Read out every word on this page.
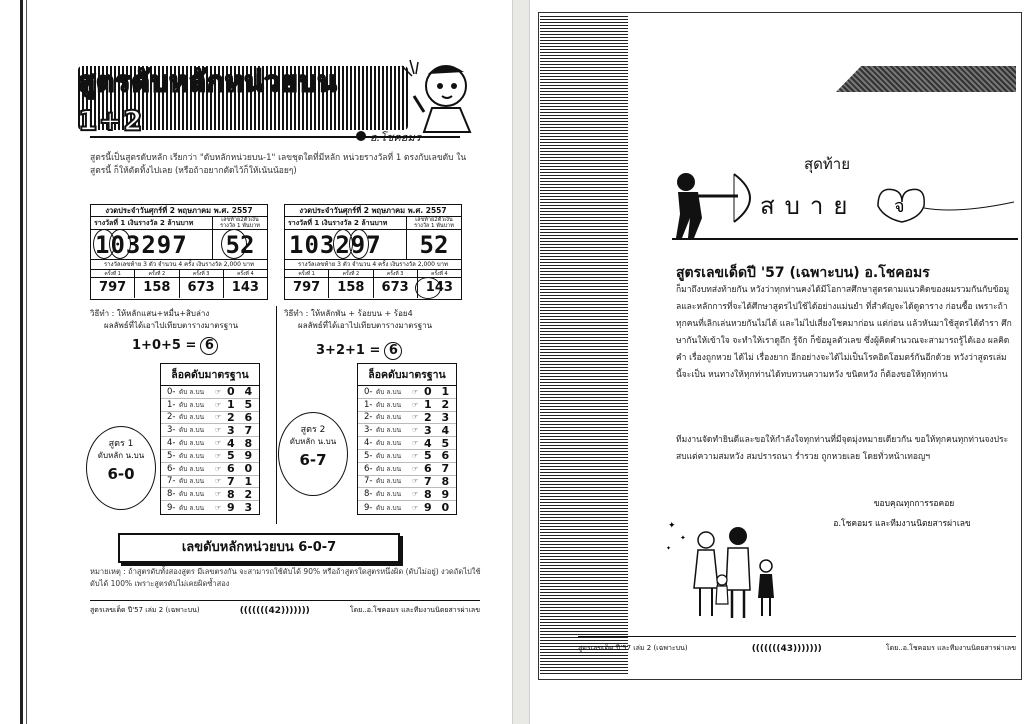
สูตรดับหลักหน่วยบน 1+2
อ.โชคอมร
สูตรนี้เป็นสูตรดับหลัก เรียกว่า "ดับหลักหน่วยบน-1" เลขชุดใดที่มีหลัก หน่วยรางวัลที่ 1 ตรงกับเลขดับ ในสูตรนี้ ก็ให้ตัดทิ้งไปเลย (หรือถ้าอยากตัดไว้ก็ให้เน้นน้อยๆ)
งวดประจำวันศุกร์ที่ 2 พฤษภาคม พ.ศ. 2557
รางวัลที่ 1 เงินรางวัล 2 ล้านบาท	เลขท้าย2ตัวเงิน รางวัล 1 พันบาท
103297	52
รางวัลเลขท้าย 3 ตัว จำนวน 4 ครั้ง เงินรางวัล 2,000 บาท
ครั้งที่ 1	ครั้งที่ 2	ครั้งที่ 3	ครั้งที่ 4
797	158	673	143
งวดประจำวันศุกร์ที่ 2 พฤษภาคม พ.ศ. 2557
รางวัลที่ 1 เงินรางวัล 2 ล้านบาท	เลขท้าย2ตัวเงิน รางวัล 1 พันบาท
103297	52
รางวัลเลขท้าย 3 ตัว จำนวน 4 ครั้ง เงินรางวัล 2,000 บาท
ครั้งที่ 1	ครั้งที่ 2	ครั้งที่ 3	ครั้งที่ 4
797	158	673	143
วิธีทำ : ให้หลักแสน+หมื่น+สิบล่าง
ผลลัพธ์ที่ได้เอาไปเทียบตารางมาตรฐาน
1+0+5 = 6
วิธีทำ : ให้หลักพัน + ร้อยบน + ร้อย4
ผลลัพธ์ที่ได้เอาไปเทียบตารางมาตรฐาน
3+2+1 = 6
ล็อคดับมาตรฐาน
0- ดับ ล.บน	☞ 0 4
1- ดับ ล.บน	☞ 1 5
2- ดับ ล.บน	☞ 2 6
3- ดับ ล.บน	☞ 3 7
4- ดับ ล.บน	☞ 4 8
5- ดับ ล.บน	☞ 5 9
6- ดับ ล.บน	☞ 6 0
7- ดับ ล.บน	☞ 7 1
8- ดับ ล.บน	☞ 8 2
9- ดับ ล.บน	☞ 9 3
ล็อคดับมาตรฐาน
0- ดับ ล.บน	☞ 0 1
1- ดับ ล.บน	☞ 1 2
2- ดับ ล.บน	☞ 2 3
3- ดับ ล.บน	☞ 3 4
4- ดับ ล.บน	☞ 4 5
5- ดับ ล.บน	☞ 5 6
6- ดับ ล.บน	☞ 6 7
7- ดับ ล.บน	☞ 7 8
8- ดับ ล.บน	☞ 8 9
9- ดับ ล.บน	☞ 9 0
สูตร 1
ดับหลัก น.บน
6-0
สูตร 2
ดับหลัก น.บน
6-7
เลขดับหลักหน่วยบน 6-0-7
หมายเหตุ : ถ้าสูตรดับทั้งสองสูตร มีเลขตรงกัน จะสามารถใช้ดับได้ 90% หรือถ้าสูตรใดสูตรหนึ่งผิด (ดับไม่อยู่) งวดถัดไปใช้ดับได้ 100% เพราะสูตรดับไม่เคยผิดซ้ำสอง
สูตรเลขเด็ด ปี'57 เล่ม 2 (เฉพาะบน)	(((((((42)))))))	โดย..อ.โชคอมร และทีมงานนิตยสารผ่าเลข
สุดท้าย
สบาย จ
สูตรเลขเด็ดปี '57 (เฉพาะบน) อ.โชคอมร
ก็มาถึงบทส่งท้ายกัน หวังว่าทุกท่านคงได้มีโอกาสศึกษาสูตรตามแนวคิดของผมรวมกันกับข้อมูลและหลักการที่จะได้ศึกษาสูตรไปใช้ได้อย่างแม่นยำ ที่สำคัญจะได้ดูตาราง ก่อนซื้อ เพราะถ้าทุกคนที่เลิกเล่นหวยกันไม่ได้ และไม่ไปเสี่ยงโชคมาก่อน แต่ก่อน แล้วหันมาใช้สูตรได้ตำรา ศึกษากันให้เข้าใจ จะทำให้เราดูถึก รู้จัก ก็ข้อมูลตัวเลข ซึ่งผู้คิดคำนวณจะสามารถรู้ได้เอง ผลคิดคำ เรื่องถูกหวย ได้ไม่ เรื่องยาก อีกอย่างจะได้ไม่เป็นโรคอิดโฮมตร์กันอีกด้วย หวังว่าสูตรเล่มนี้จะเป็น หนทางให้ทุกท่านได้ทบทวนความหวัง ขนิดหวัง ก็ต้องขอให้ทุกท่าน
ทีมงานจัดทำยินดีและขอให้กำลังใจทุกท่านที่มีจุดมุ่งหมายเดียวกัน ขอให้ทุกคนทุกท่านจงประสบแต่ความสมหวัง สมปรารถนา ร่ำรวย ถูกหวยเลย โดยทั่วหน้าเทอญฯ
ขอบคุณทุกการรอคอย
อ.โชคอมร และทีมงานนิตยสารผ่าเลข
✦
✦
✦
สูตรเลขเด็ด ปี'57 เล่ม 2 (เฉพาะบน)	(((((((43)))))))	โดย..อ.โชคอมร และทีมงานนิตยสารผ่าเลข
